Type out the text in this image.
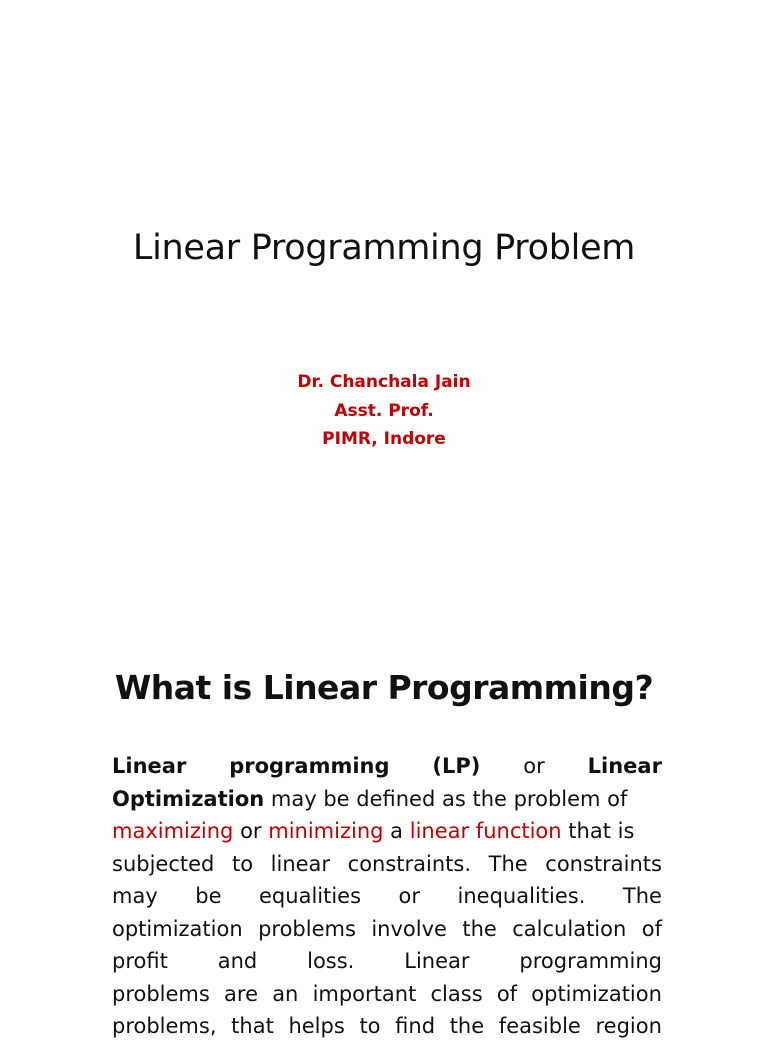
Linear Programming Problem
Dr. Chanchala Jain
Asst. Prof.
PIMR, Indore
What is Linear Programming?
Linear programming (LP) or Linear
Optimization
may be defined as the problem of
maximizing
or
minimizing
a
linear function
that is
subjected to linear constraints. The constraints
may be equalities or inequalities. The
optimization problems involve the calculation of
profit and loss. Linear programming
problems are an important class of optimization
problems, that helps to find the feasible region
